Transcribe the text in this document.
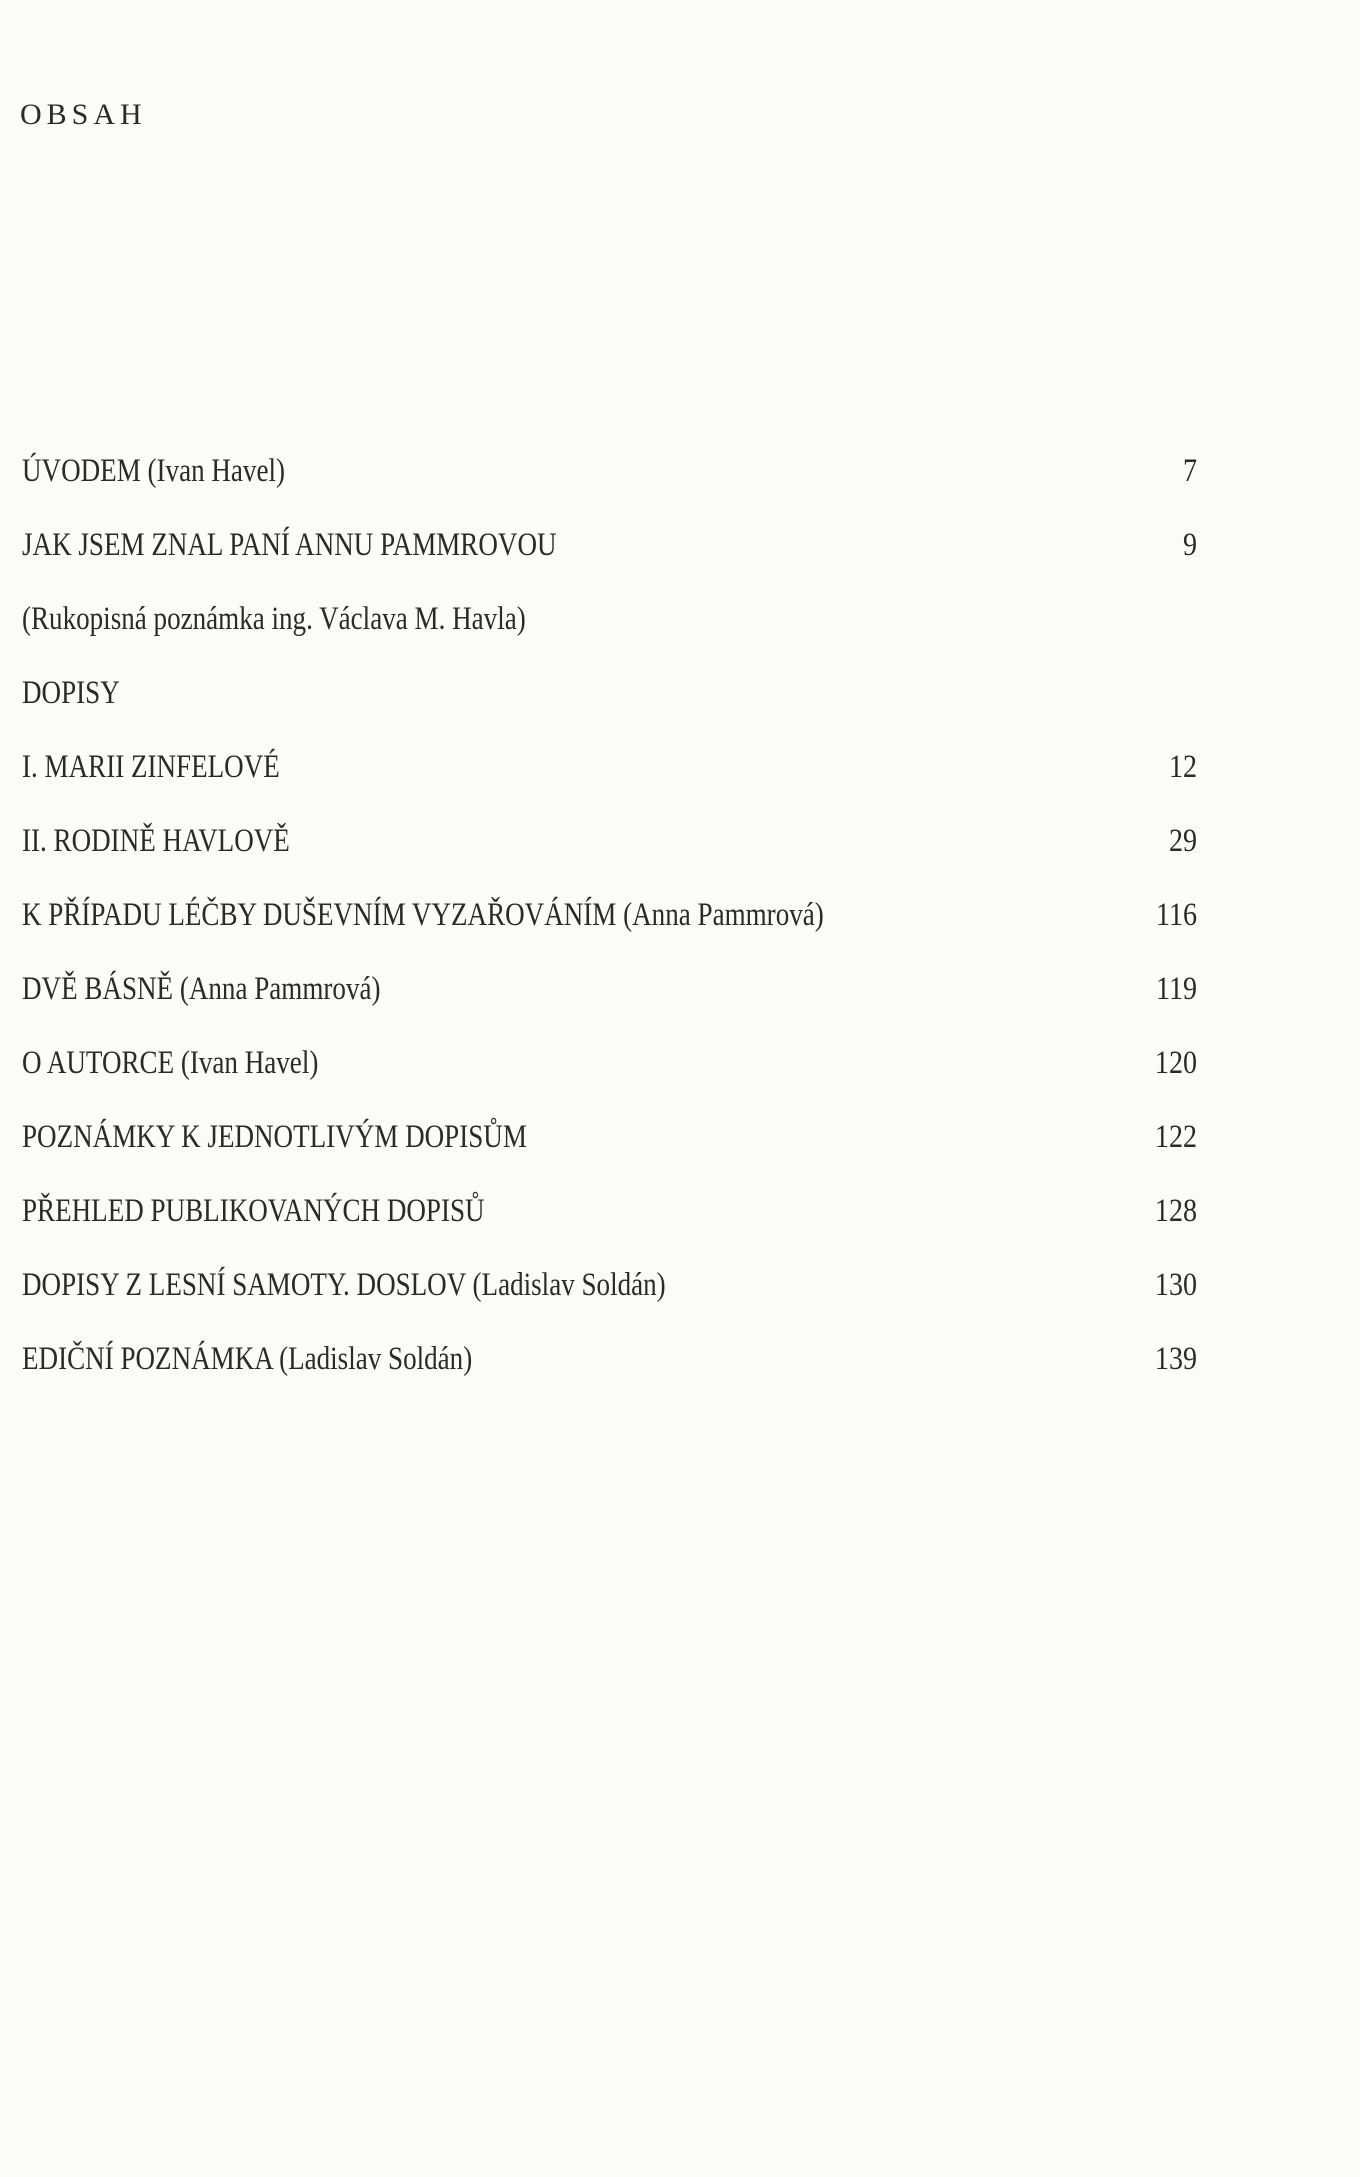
OBSAH
ÚVODEM (Ivan Havel)	7
JAK JSEM ZNAL PANÍ ANNU PAMMROVOU	9
(Rukopisná poznámka ing. Václava M. Havla)
DOPISY
I. MARII ZINFELOVÉ	12
II. RODINĚ HAVLOVĚ	29
K PŘÍPADU LÉČBY DUŠEVNÍM VYZAŘOVÁNÍM (Anna Pammrová)	116
DVĚ BÁSNĚ (Anna Pammrová)	119
O AUTORCE (Ivan Havel)	120
POZNÁMKY K JEDNOTLIVÝM DOPISŮM	122
PŘEHLED PUBLIKOVANÝCH DOPISŮ	128
DOPISY Z LESNÍ SAMOTY. DOSLOV (Ladislav Soldán)	130
EDIČNÍ POZNÁMKA (Ladislav Soldán)	139
